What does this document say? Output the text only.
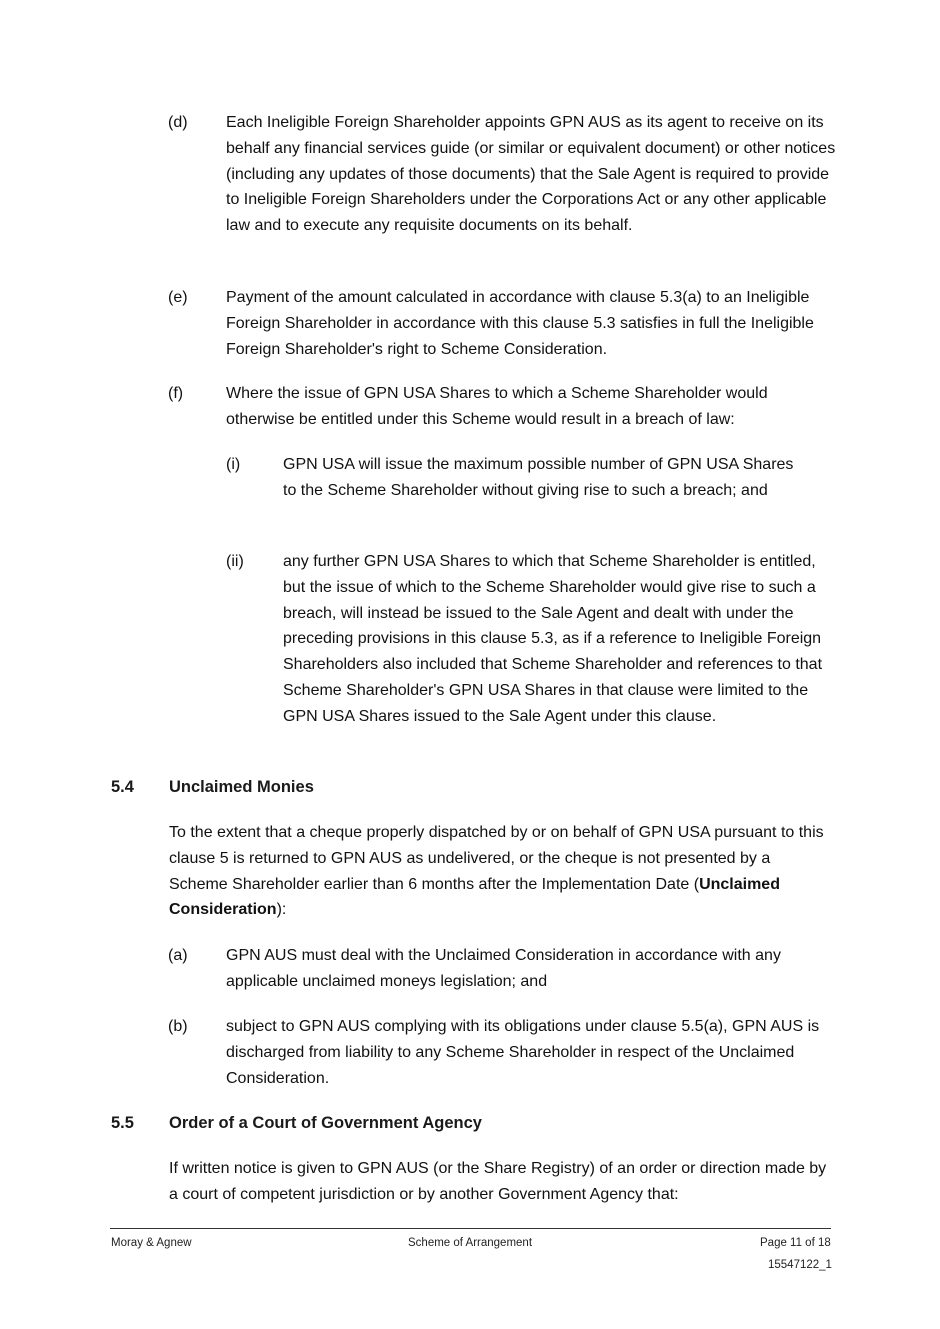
(d) Each Ineligible Foreign Shareholder appoints GPN AUS as its agent to receive on its behalf any financial services guide (or similar or equivalent document) or other notices (including any updates of those documents) that the Sale Agent is required to provide to Ineligible Foreign Shareholders under the Corporations Act or any other applicable law and to execute any requisite documents on its behalf.

(e) Payment of the amount calculated in accordance with clause 5.3(a) to an Ineligible Foreign Shareholder in accordance with this clause 5.3 satisfies in full the Ineligible Foreign Shareholder's right to Scheme Consideration.

(f)	Where the issue of GPN USA Shares to which a Scheme Shareholder would otherwise be entitled under this Scheme would result in a breach of law:

(i)	GPN USA will issue the maximum possible number of GPN USA Shares to the Scheme Shareholder without giving rise to such a breach; and

(ii) any further GPN USA Shares to which that Scheme Shareholder is entitled, but the issue of which to the Scheme Shareholder would give rise to such a breach, will instead be issued to the Sale Agent and dealt with under the preceding provisions in this clause 5.3, as if a reference to Ineligible Foreign Shareholders also included that Scheme Shareholder and references to that Scheme Shareholder's GPN USA Shares in that clause were limited to the GPN USA Shares issued to the Sale Agent under this clause.

5.4 Unclaimed Monies

To the extent that a cheque properly dispatched by or on behalf of GPN USA pursuant to this clause 5 is returned to GPN AUS as undelivered, or the cheque is not presented by a Scheme Shareholder earlier than 6 months after the Implementation Date (Unclaimed Consideration):

(a) GPN AUS must deal with the Unclaimed Consideration in accordance with any applicable unclaimed moneys legislation; and

(b) subject to GPN AUS complying with its obligations under clause 5.5(a), GPN AUS is discharged from liability to any Scheme Shareholder in respect of the Unclaimed Consideration.

5.5 Order of a Court of Government Agency

If written notice is given to GPN AUS (or the Share Registry) of an order or direction made by a court of competent jurisdiction or by another Government Agency that:

Moray & Agnew	Scheme of Arrangement	Page 11 of 18
15547122_1
